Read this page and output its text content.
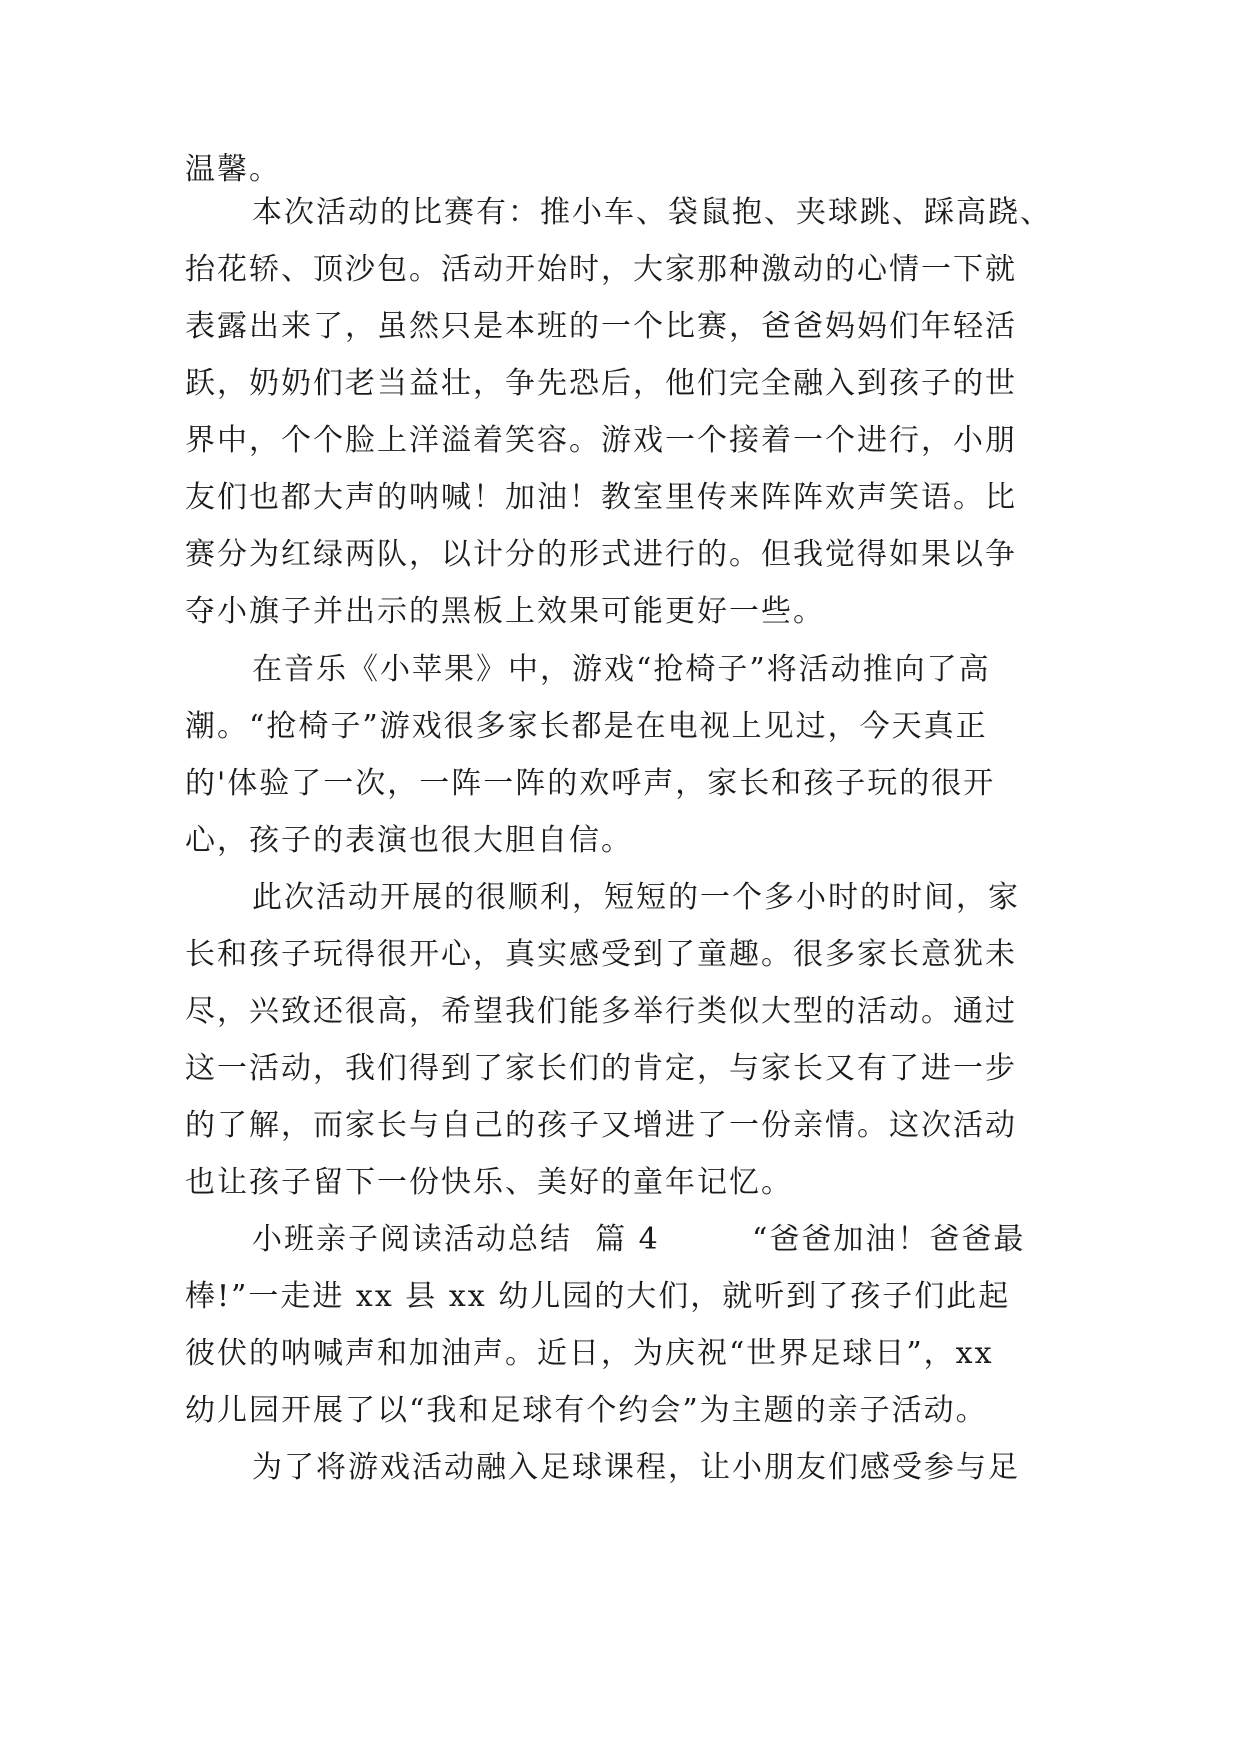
温馨。
本次活动的比赛有：推小车、袋鼠抱、夹球跳、踩高跷、
抬花轿、顶沙包。活动开始时，大家那种激动的心情一下就
表露出来了，虽然只是本班的一个比赛，爸爸妈妈们年轻活
跃，奶奶们老当益壮，争先恐后，他们完全融入到孩子的世
界中，个个脸上洋溢着笑容。游戏一个接着一个进行，小朋
友们也都大声的呐喊！加油！教室里传来阵阵欢声笑语。比
赛分为红绿两队，以计分的形式进行的。但我觉得如果以争
夺小旗子并出示的黑板上效果可能更好一些。
在音乐《小苹果》中，游戏“抢椅子”将活动推向了高
潮。“抢椅子”游戏很多家长都是在电视上见过，今天真正
的'体验了一次，一阵一阵的欢呼声，家长和孩子玩的很开
心，孩子的表演也很大胆自信。
此次活动开展的很顺利，短短的一个多小时的时间，家
长和孩子玩得很开心，真实感受到了童趣。很多家长意犹未
尽，兴致还很高，希望我们能多举行类似大型的活动。通过
这一活动，我们得到了家长们的肯定，与家长又有了进一步
的了解，而家长与自己的孩子又增进了一份亲情。这次活动
也让孩子留下一份快乐、美好的童年记忆。
小班亲子阅读活动总结  篇 4        “爸爸加油！爸爸最
棒!”一走进 xx 县 xx 幼儿园的大们，就听到了孩子们此起
彼伏的呐喊声和加油声。近日，为庆祝“世界足球日”，xx
幼儿园开展了以“我和足球有个约会”为主题的亲子活动。
为了将游戏活动融入足球课程，让小朋友们感受参与足
